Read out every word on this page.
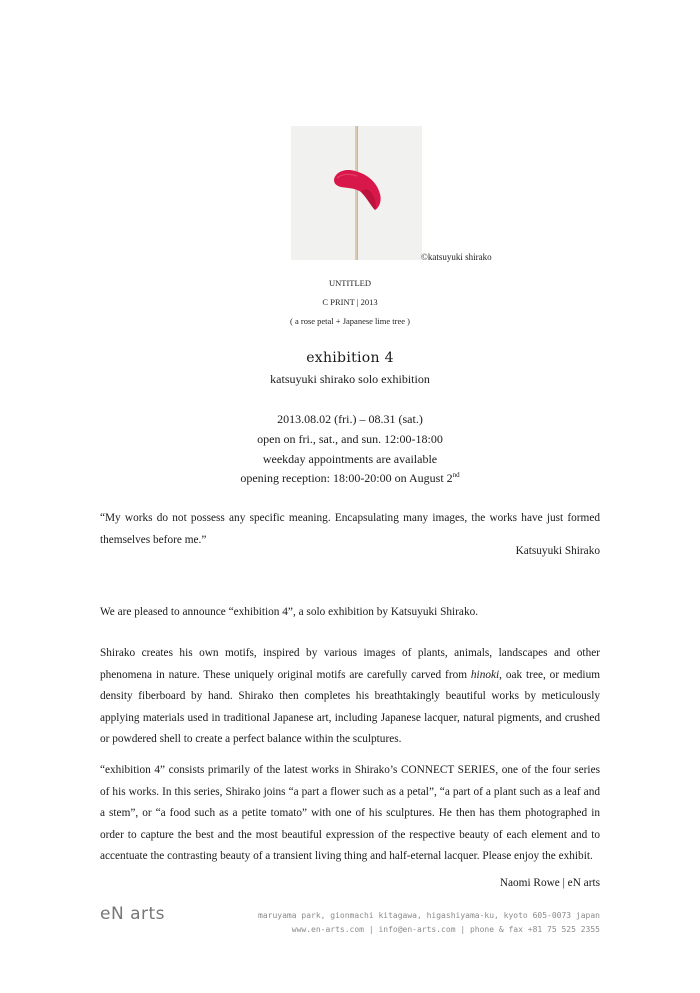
©katsuyuki shirako
UNTITLED
C PRINT | 2013
( a rose petal + Japanese lime tree )
exhibition 4
katsuyuki shirako solo exhibition
2013.08.02 (fri.) – 08.31 (sat.)
open on fri., sat., and sun. 12:00-18:00
weekday appointments are available
opening reception: 18:00-20:00 on August 2nd
“My works do not possess any specific meaning. Encapsulating many images, the works have just formed themselves before me.”
Katsuyuki Shirako
We are pleased to announce “exhibition 4”, a solo exhibition by Katsuyuki Shirako.
Shirako creates his own motifs, inspired by various images of plants, animals, landscapes and other phenomena in nature. These uniquely original motifs are carefully carved from hinoki, oak tree, or medium density fiberboard by hand. Shirako then completes his breathtakingly beautiful works by meticulously applying materials used in traditional Japanese art, including Japanese lacquer, natural pigments, and crushed or powdered shell to create a perfect balance within the sculptures.
“exhibition 4” consists primarily of the latest works in Shirako’s CONNECT SERIES, one of the four series of his works. In this series, Shirako joins “a part a flower such as a petal”, “a part of a plant such as a leaf and a stem”, or “a food such as a petite tomato” with one of his sculptures. He then has them photographed in order to capture the best and the most beautiful expression of the respective beauty of each element and to accentuate the contrasting beauty of a transient living thing and half-eternal lacquer. Please enjoy the exhibit.
Naomi Rowe | eN arts
eN arts	maruyama park, gionmachi kitagawa, higashiyama-ku, kyoto 605-0073 japan
www.en-arts.com | info@en-arts.com | phone & fax +81 75 525 2355
